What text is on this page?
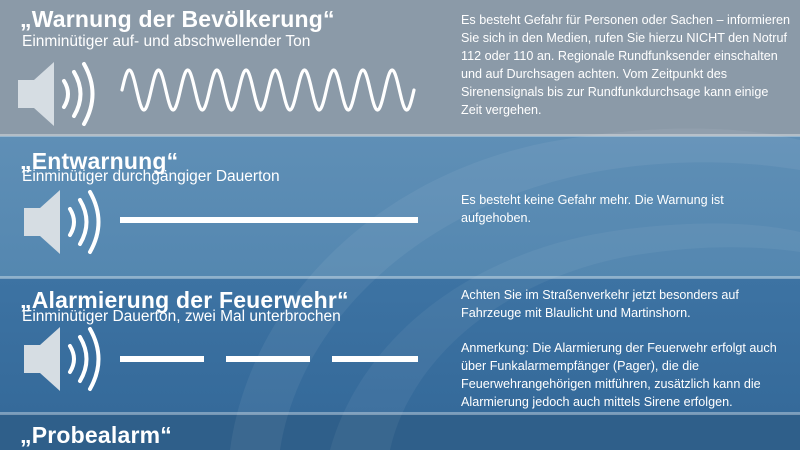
„Warnung der Bevölkerung“

Einminütiger auf- und abschwellender Ton

Es besteht Gefahr für Personen oder Sachen – informieren Sie sich in den Medien, rufen Sie hierzu NICHT den Notruf 112 oder 110 an. Regionale Rundfunksender einschalten und auf Durchsagen achten. Vom Zeitpunkt des Sirenensignals bis zur Rundfunkdurchsage kann einige Zeit vergehen.

„Entwarnung“

Einminütiger durchgängiger Dauerton

Es besteht keine Gefahr mehr. Die Warnung ist aufgehoben.

„Alarmierung der Feuerwehr“

Einminütiger Dauerton, zwei Mal unterbrochen

Achten Sie im Straßenverkehr jetzt besonders auf Fahrzeuge mit Blaulicht und Martinshorn.

Anmerkung: Die Alarmierung der Feuerwehr erfolgt auch über Funkalarmempfänger (Pager), die die Feuerwehrangehörigen mitführen, zusätzlich kann die Alarmierung jedoch auch mittels Sirene erfolgen.

„Probealarm“
